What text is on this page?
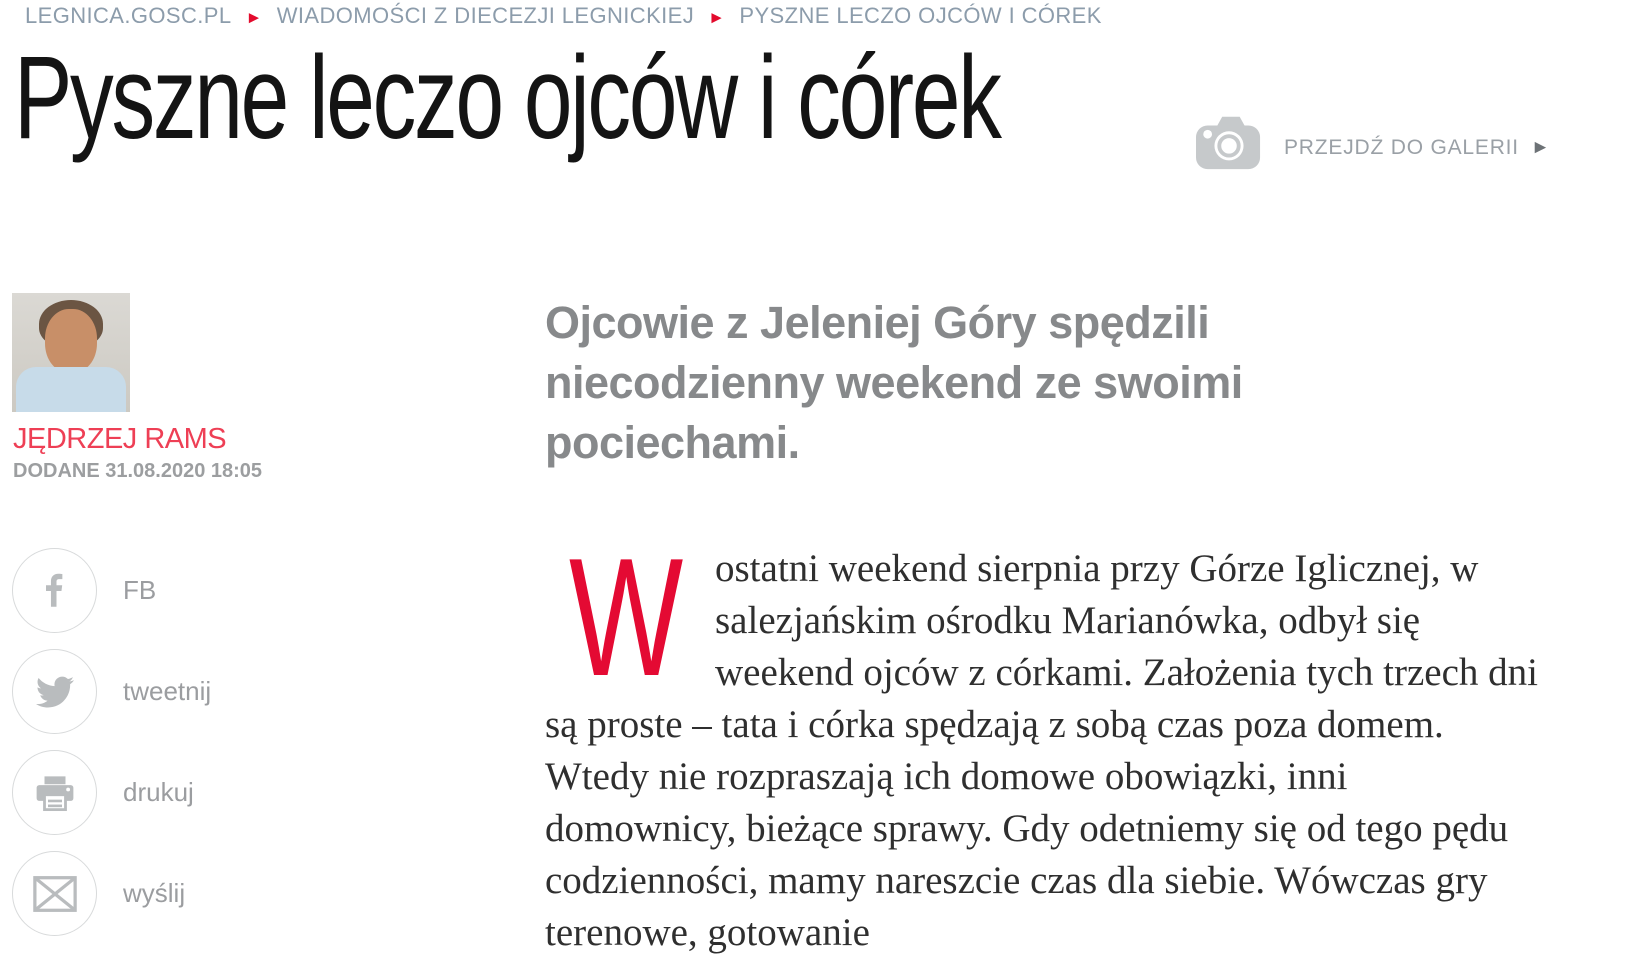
LEGNICA.GOSC.PL ► WIADOMOŚCI Z DIECEZJI LEGNICKIEJ ► PYSZNE LECZO OJCÓW I CÓREK
Pyszne leczo ojców i córek	PRZEJDŹ DO GALERII ►
JĘDRZEJ RAMS
DODANE 31.08.2020 18:05
FB
tweetnij
drukuj
wyślij

Ojcowie z Jeleniej Góry spędzili niecodzienny weekend ze swoimi pociechami.

Wostatni weekend sierpnia przy Górze Iglicznej, w salezjańskim ośrodku Marianówka, odbył się weekend ojców z córkami. Założenia tych trzech dni są proste – tata i córka spędzają z sobą czas poza domem. Wtedy nie rozpraszają ich domowe obowiązki, inni domownicy, bieżące sprawy. Gdy odetniemy się od tego pędu codzienności, mamy nareszcie czas dla siebie. Wówczas gry terenowe, gotowanie
